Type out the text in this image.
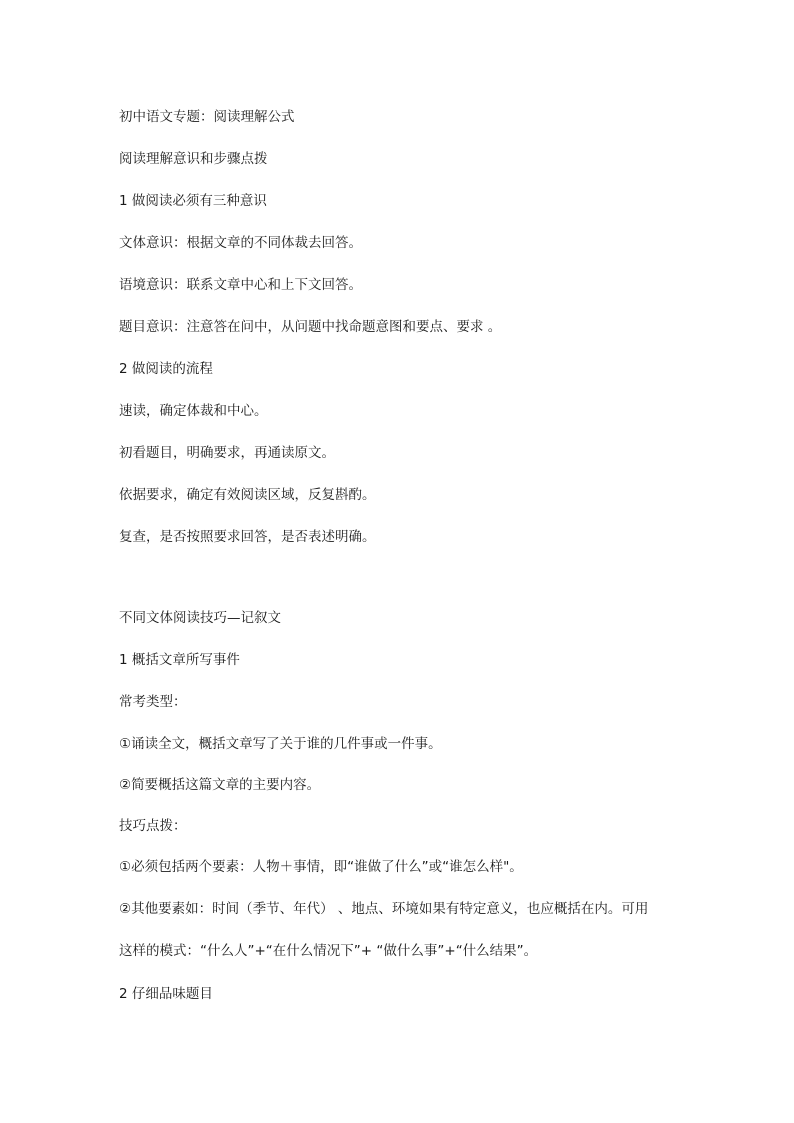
初中语文专题：阅读理解公式
阅读理解意识和步骤点拨
1 做阅读必须有三种意识
文体意识：根据文章的不同体裁去回答。
语境意识：联系文章中心和上下文回答。
题目意识：注意答在问中，从问题中找命题意图和要点、要求 。
2 做阅读的流程
速读，确定体裁和中心。
初看题目，明确要求，再通读原文。
依据要求，确定有效阅读区域，反复斟酌。
复查，是否按照要求回答，是否表述明确。
不同文体阅读技巧—记叙文
1 概括文章所写事件
常考类型：
①诵读全文，概括文章写了关于谁的几件事或一件事。
②简要概括这篇文章的主要内容。
技巧点拨：
①必须包括两个要素：人物＋事情，即“谁做了什么”或“谁怎么样"。
②其他要素如：时间（季节、年代） 、地点、环境如果有特定意义，也应概括在内。可用
这样的模式：“什么人”+“在什么情况下”+ “做什么事”+“什么结果”。
2 仔细品味题目
